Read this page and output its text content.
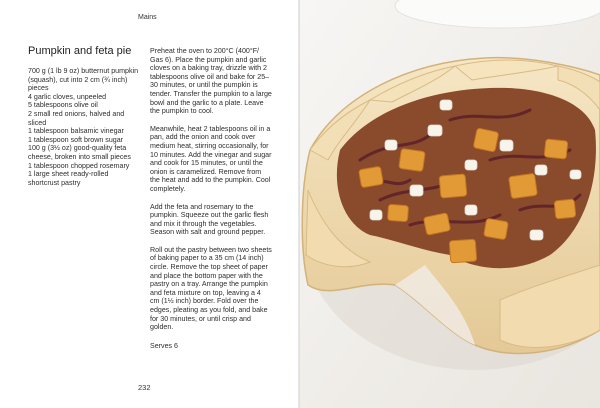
Mains
Pumpkin and feta pie
700 g (1 lb 9 oz) butternut pumpkin (squash), cut into 2 cm (¾ inch) pieces
4 garlic cloves, unpeeled
5 tablespoons olive oil
2 small red onions, halved and sliced
1 tablespoon balsamic vinegar
1 tablespoon soft brown sugar
100 g (3½ oz) good-quality feta cheese, broken into small pieces
1 tablespoon chopped rosemary
1 large sheet ready-rolled shortcrust pastry

Preheat the oven to 200°C (400°F/ Gas 6). Place the pumpkin and garlic cloves on a baking tray, drizzle with 2 tablespoons olive oil and bake for 25–30 minutes, or until the pumpkin is tender. Transfer the pumpkin to a large bowl and the garlic to a plate. Leave the pumpkin to cool.

Meanwhile, heat 2 tablespoons oil in a pan, add the onion and cook over medium heat, stirring occasionally, for 10 minutes. Add the vinegar and sugar and cook for 15 minutes, or until the onion is caramelized. Remove from the heat and add to the pumpkin. Cool completely.

Add the feta and rosemary to the pumpkin. Squeeze out the garlic flesh and mix it through the vegetables. Season with salt and ground pepper.

Roll out the pastry between two sheets of baking paper to a 35 cm (14 inch) circle. Remove the top sheet of paper and place the bottom paper with the pastry on a tray. Arrange the pumpkin and feta mixture on top, leaving a 4 cm (1½ inch) border. Fold over the edges, pleating as you fold, and bake for 30 minutes, or until crisp and golden.

Serves 6

232
